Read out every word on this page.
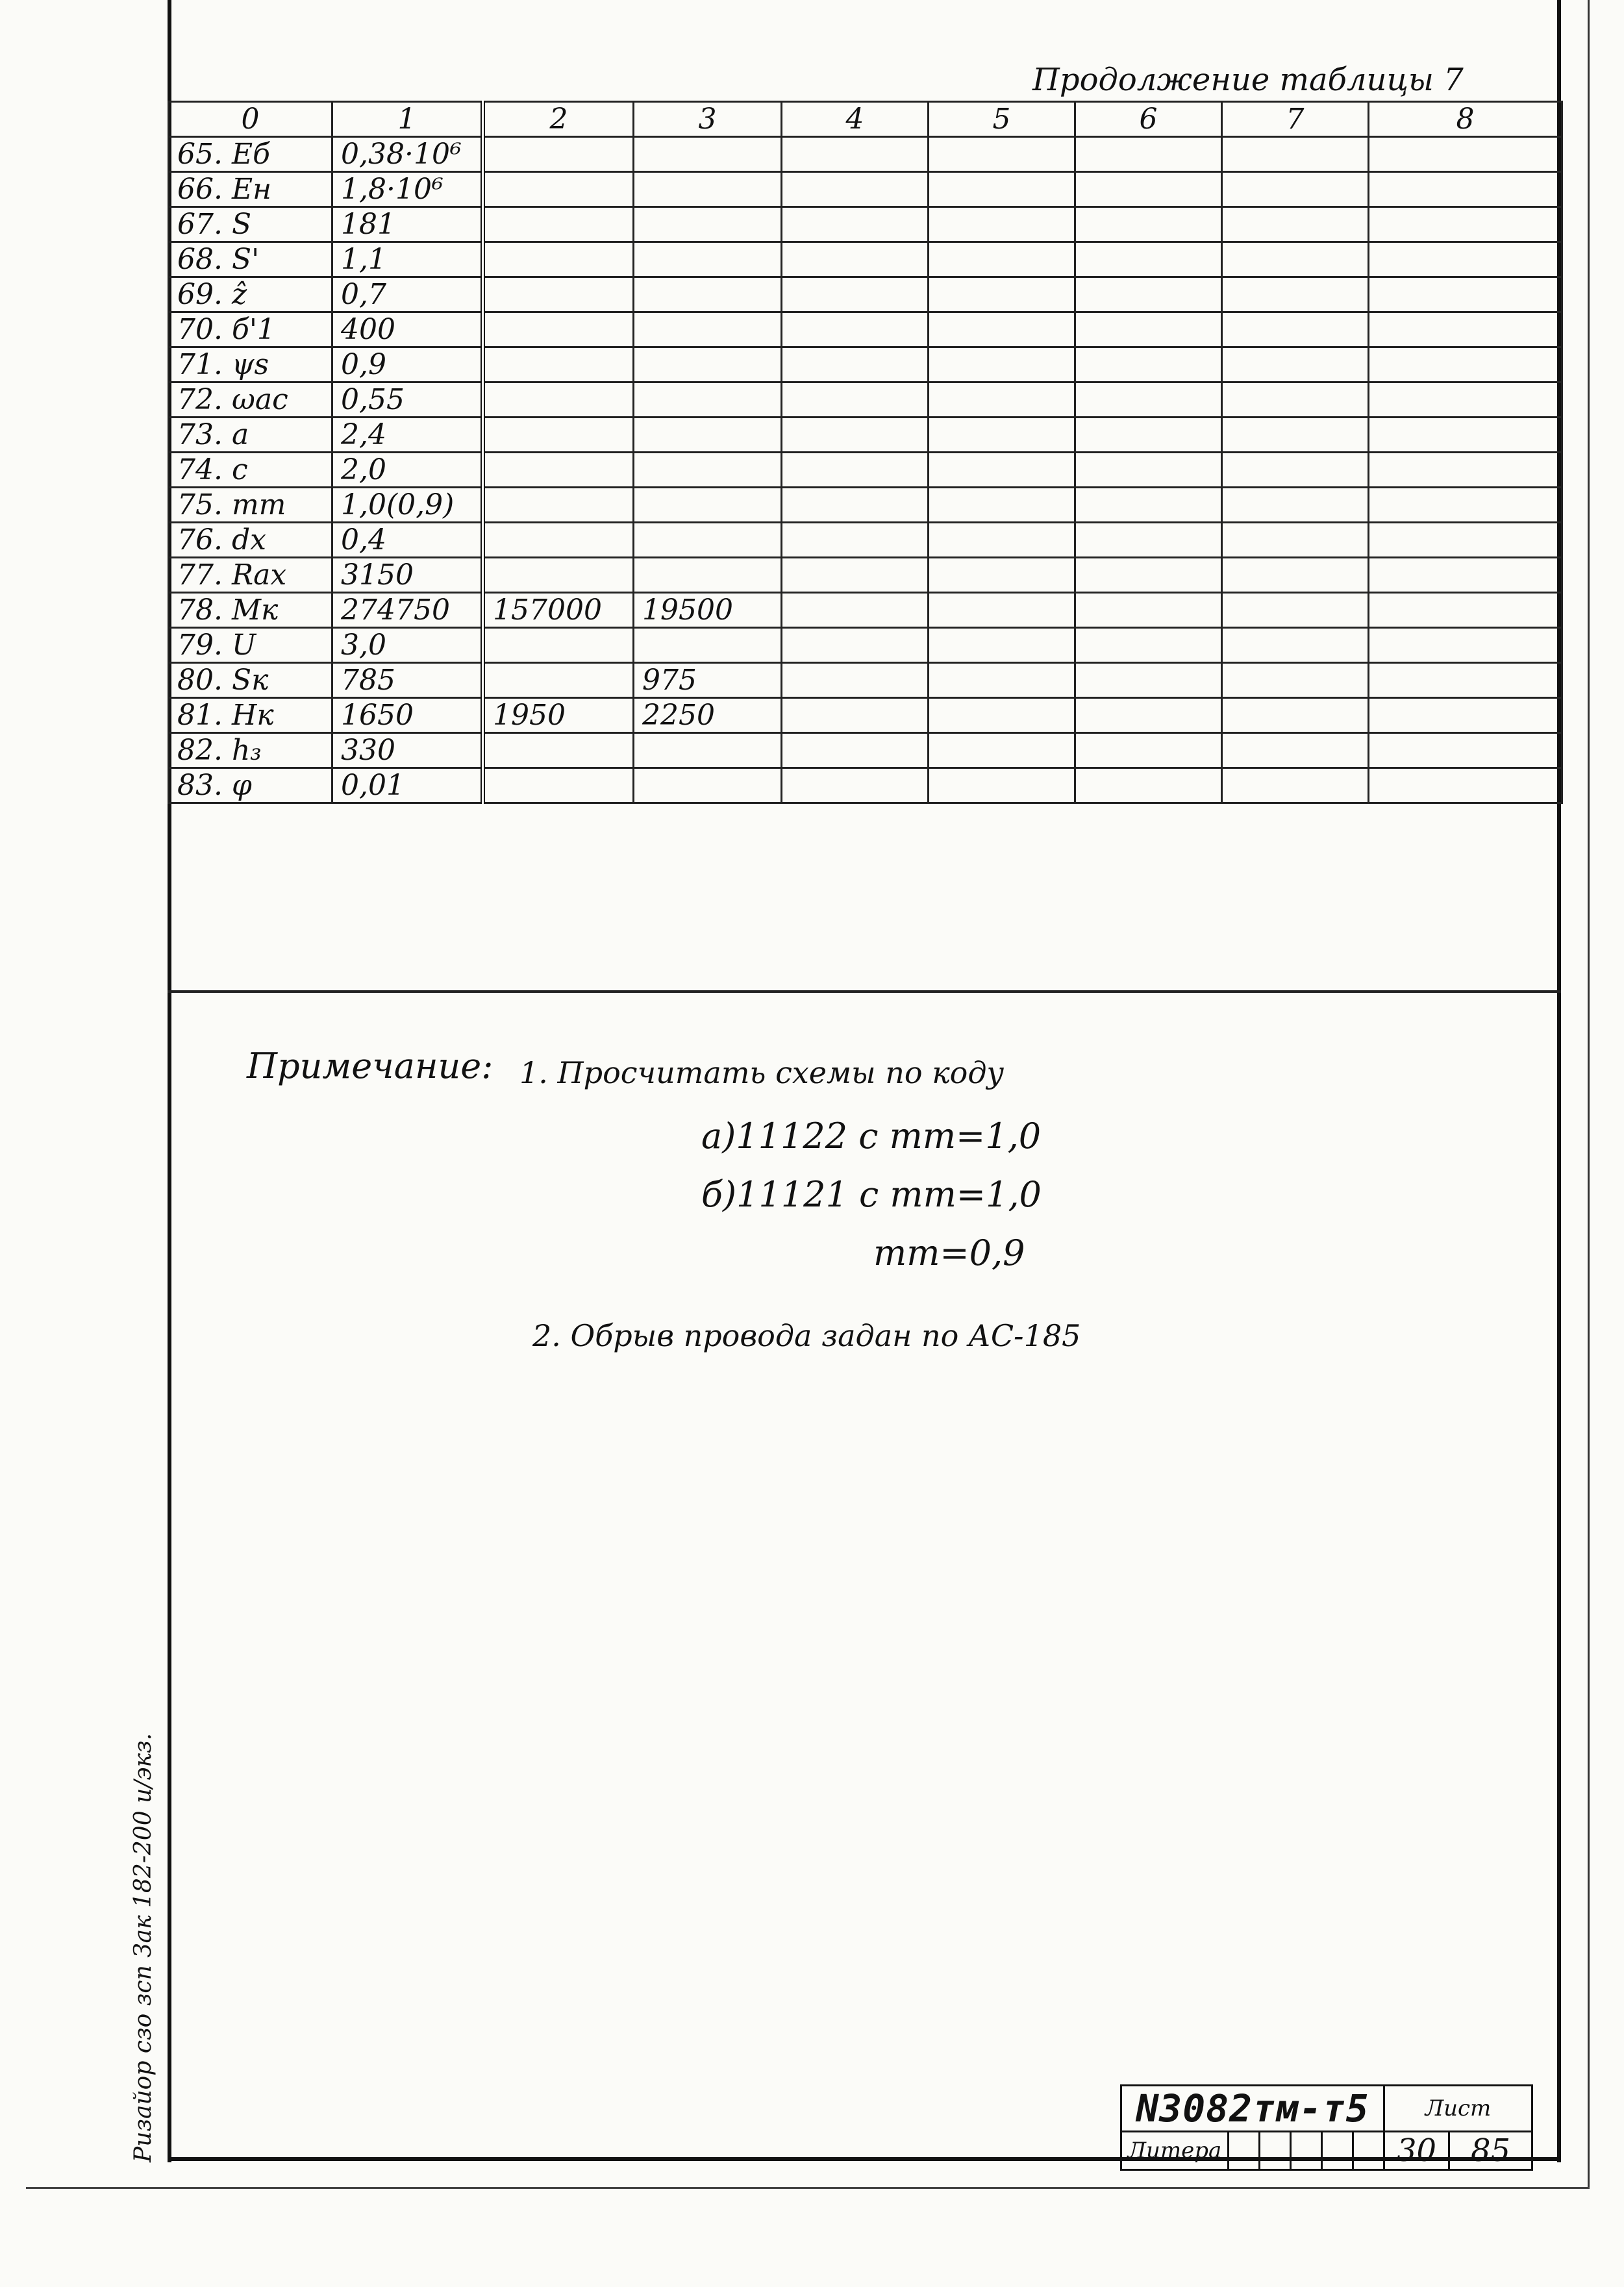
Продолжение таблицы 7
0	1	2	3	4	5	6	7	8
65. Еб	0,38·10⁶							
66. Ен	1,8·10⁶							
67. S	181							
68. S'	1,1							
69. ẑ	0,7							
70. б'1	400							
71. ψs	0,9							
72. ωас	0,55							
73. а	2,4							
74. с	2,0							
75. mт	1,0(0,9)							
76. dх	0,4							
77. Rах	3150							
78. Mк	274750	157000	19500					
79. U	3,0							
80. Sк	785		975					
81. Hк	1650	1950	2250					
82. h₃	330							
83. φ	0,01							
Примечание: 1. Просчитать схемы по коду
а)11122 с mт=1,0
б)11121 с mт=1,0
mт=0,9
2. Обрыв провода задан по АС-185
Ризайор сзо зсп Зак 182-200 и/экз.	N3082тм-т5						Лист	
Литера						30	85
